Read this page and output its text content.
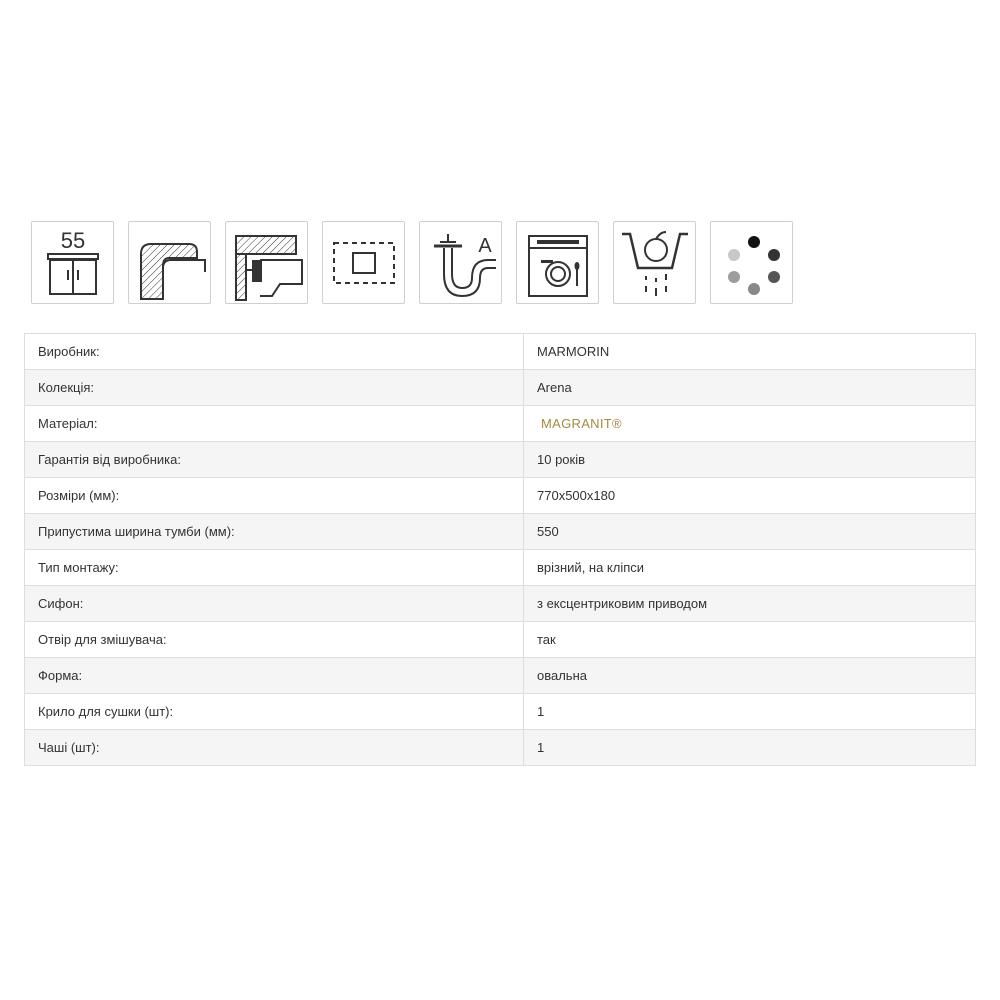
55	A
Виробник:	MARMORIN
Колекція:	Arena
Матеріал:	MAGRANIT®
Гарантія від виробника:	10 років
Розміри (мм):	770x500x180
Припустима ширина тумби (мм):	550
Тип монтажу:	врізний, на кліпси
Сифон:	з ексцентриковим приводом
Отвір для змішувача:	так
Форма:	овальна
Крило для сушки (шт):	1
Чаші (шт):	1
